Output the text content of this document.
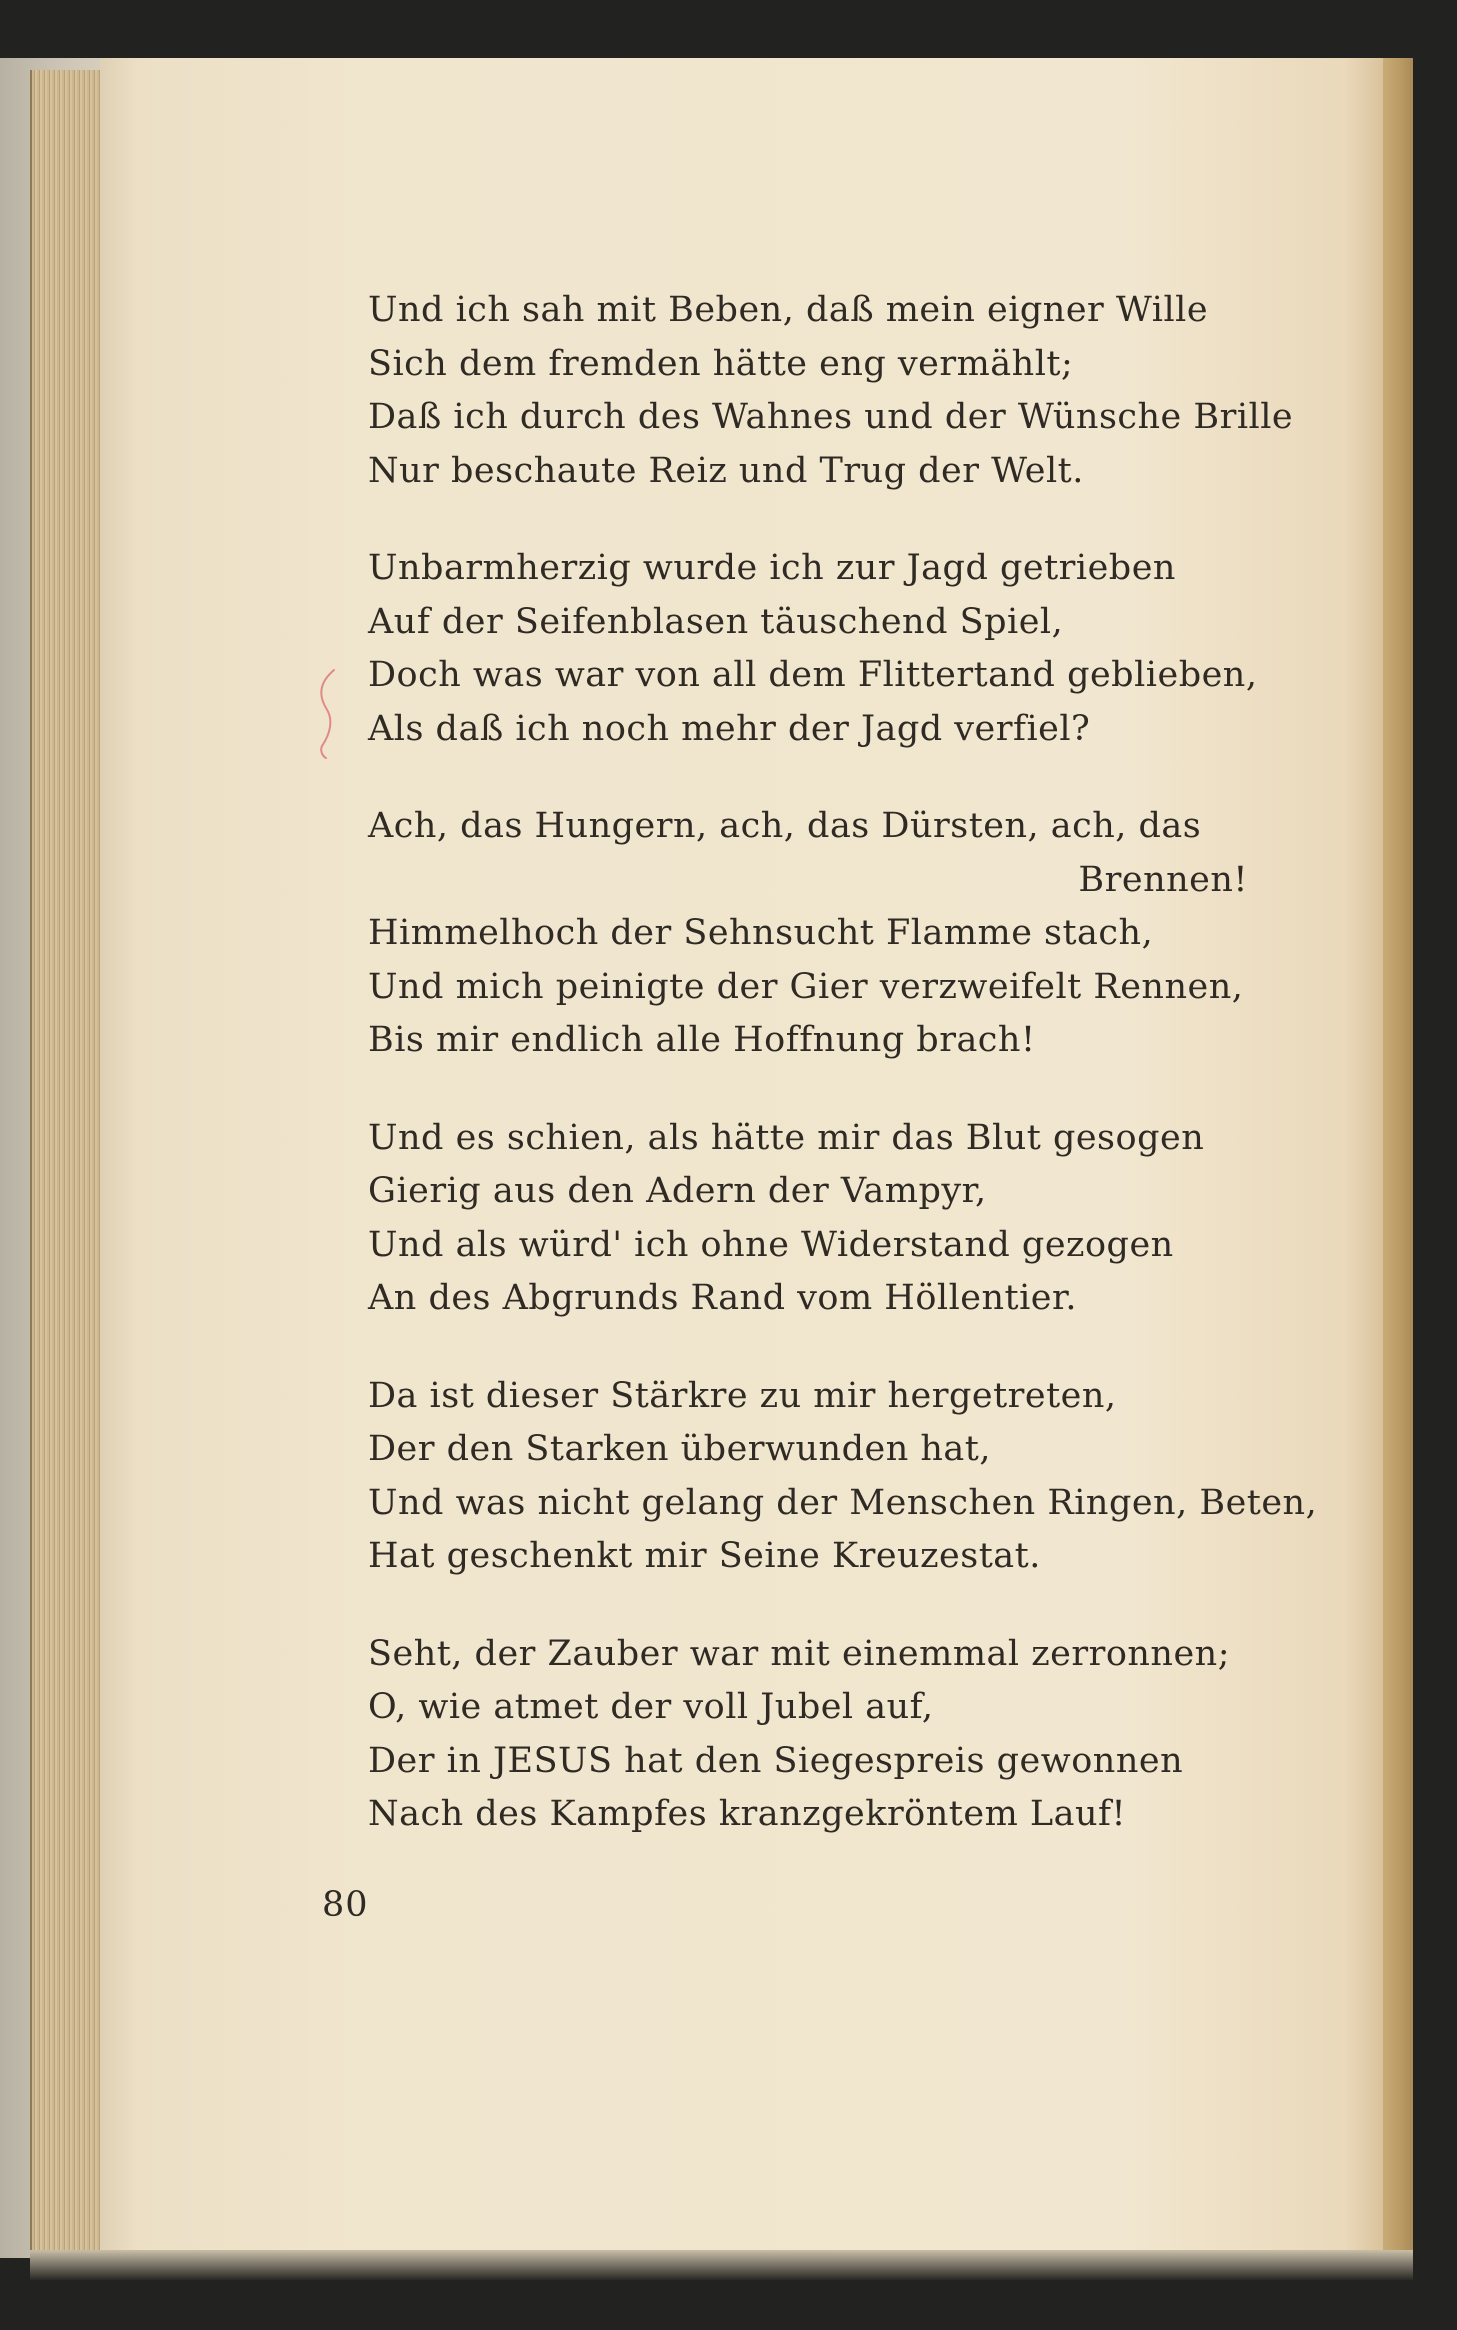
Und ich sah mit Beben, daß mein eigner Wille
Sich dem fremden hätte eng vermählt;
Daß ich durch des Wahnes und der Wünsche Brille
Nur beschaute Reiz und Trug der Welt.
Unbarmherzig wurde ich zur Jagd getrieben
Auf der Seifenblasen täuschend Spiel,
Doch was war von all dem Flittertand geblieben,
Als daß ich noch mehr der Jagd verfiel?
Ach, das Hungern, ach, das Dürsten, ach, das
Brennen!
Himmelhoch der Sehnsucht Flamme stach,
Und mich peinigte der Gier verzweifelt Rennen,
Bis mir endlich alle Hoffnung brach!
Und es schien, als hätte mir das Blut gesogen
Gierig aus den Adern der Vampyr,
Und als würd' ich ohne Widerstand gezogen
An des Abgrunds Rand vom Höllentier.
Da ist dieser Stärkre zu mir hergetreten,
Der den Starken überwunden hat,
Und was nicht gelang der Menschen Ringen, Beten,
Hat geschenkt mir Seine Kreuzestat.
Seht, der Zauber war mit einemmal zerronnen;
O, wie atmet der voll Jubel auf,
Der in JESUS hat den Siegespreis gewonnen
Nach des Kampfes kranzgekröntem Lauf!
80
